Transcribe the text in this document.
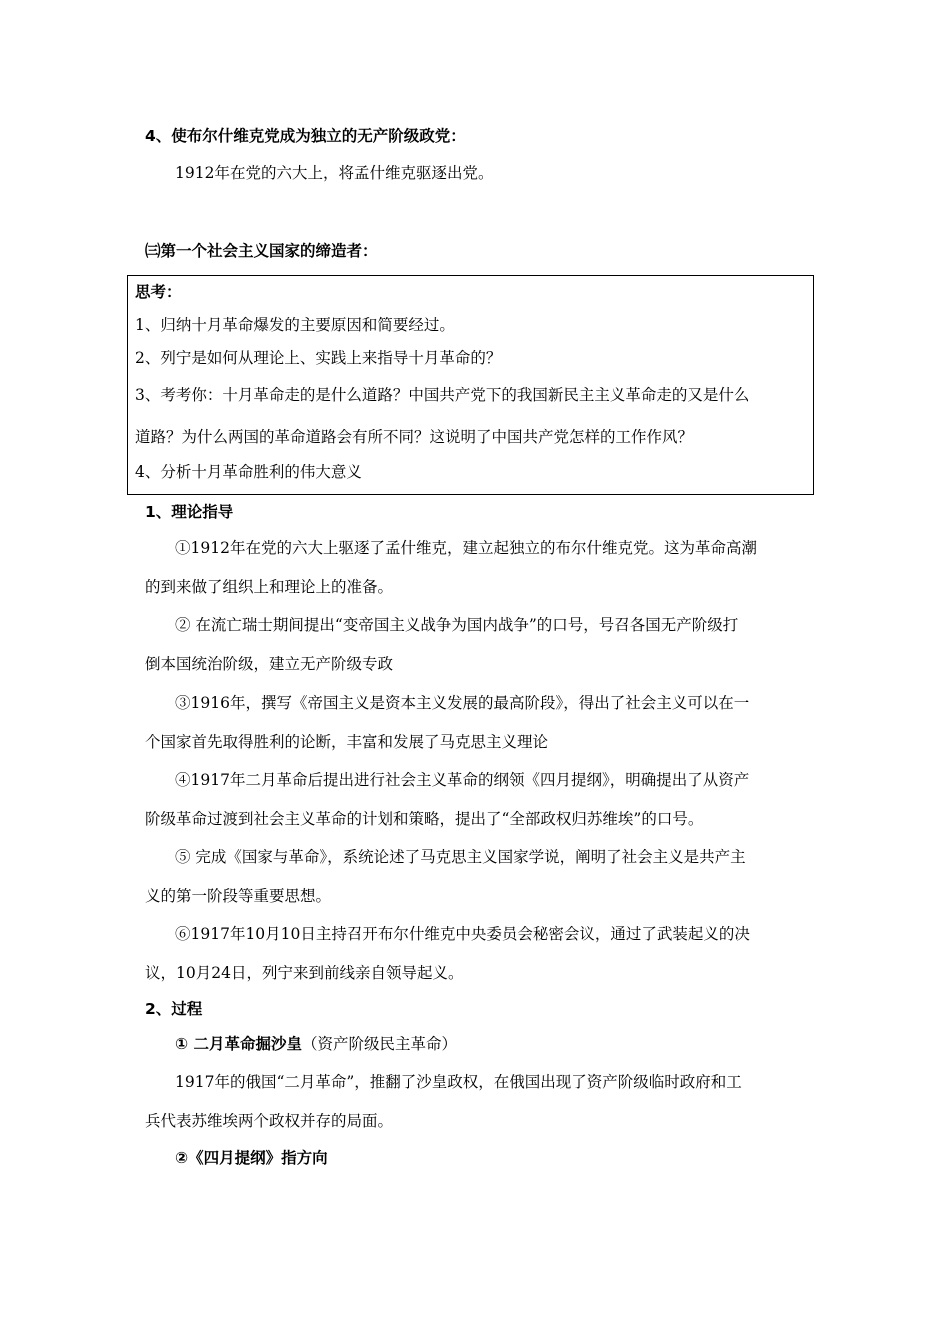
4、使布尔什维克党成为独立的无产阶级政党：
1912年在党的六大上，将孟什维克驱逐出党。
㈢第一个社会主义国家的缔造者：
思考：
1、归纳十月革命爆发的主要原因和简要经过。
2、列宁是如何从理论上、实践上来指导十月革命的？
3、考考你：十月革命走的是什么道路？中国共产党下的我国新民主主义革命走的又是什么
道路？为什么两国的革命道路会有所不同？这说明了中国共产党怎样的工作作风？
4、分析十月革命胜利的伟大意义
1、理论指导
①1912年在党的六大上驱逐了孟什维克，建立起独立的布尔什维克党。这为革命高潮
的到来做了组织上和理论上的准备。
② 在流亡瑞士期间提出“变帝国主义战争为国内战争”的口号，号召各国无产阶级打
倒本国统治阶级，建立无产阶级专政
③1916年，撰写《帝国主义是资本主义发展的最高阶段》，得出了社会主义可以在一
个国家首先取得胜利的论断，丰富和发展了马克思主义理论
④1917年二月革命后提出进行社会主义革命的纲领《四月提纲》，明确提出了从资产
阶级革命过渡到社会主义革命的计划和策略，提出了“全部政权归苏维埃”的口号。
⑤ 完成《国家与革命》，系统论述了马克思主义国家学说，阐明了社会主义是共产主
义的第一阶段等重要思想。
⑥1917年10月10日主持召开布尔什维克中央委员会秘密会议，通过了武装起义的决
议，10月24日，列宁来到前线亲自领导起义。
2、过程
① 二月革命掘沙皇（资产阶级民主革命）
1917年的俄国“二月革命”，推翻了沙皇政权，在俄国出现了资产阶级临时政府和工
兵代表苏维埃两个政权并存的局面。
②《四月提纲》指方向
